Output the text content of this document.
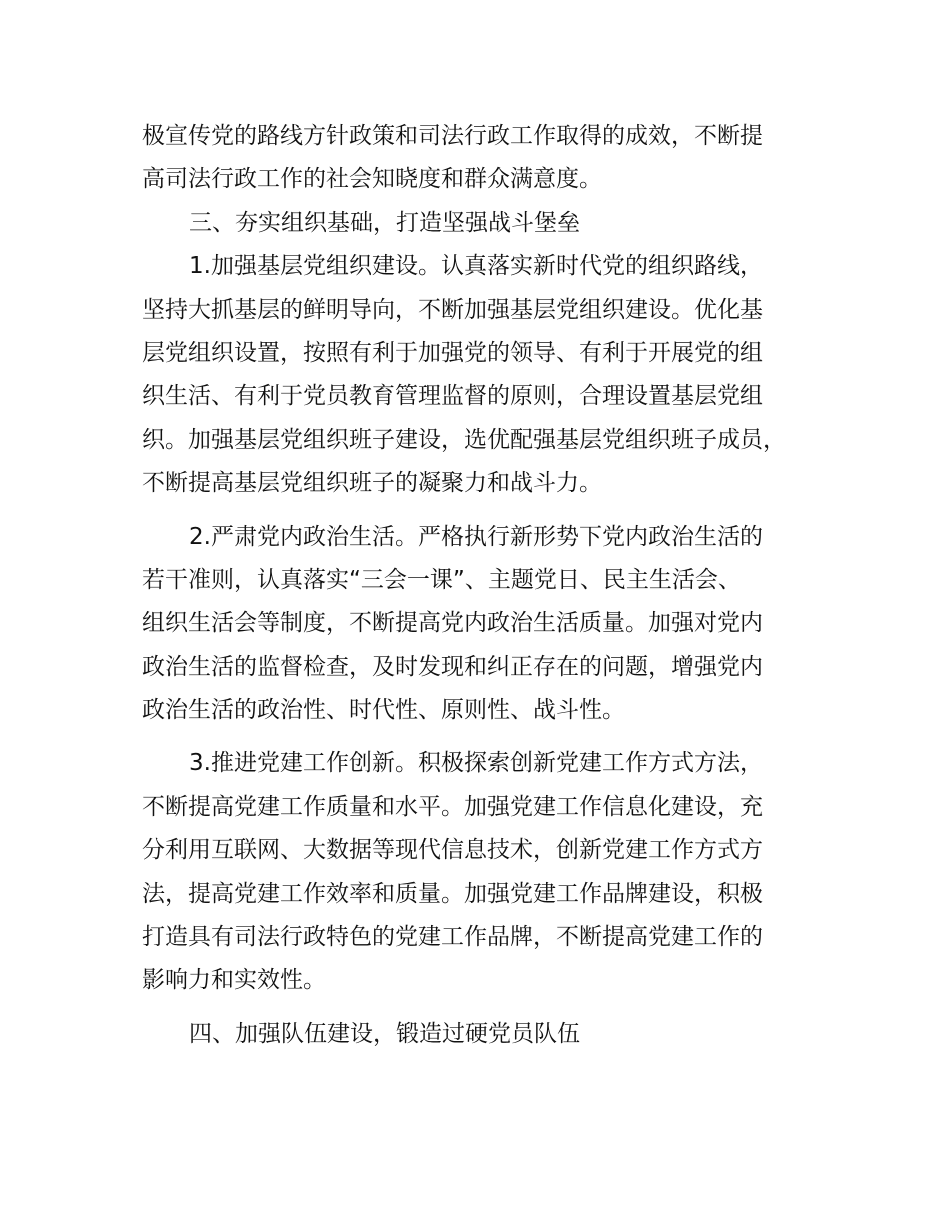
极宣传党的路线方针政策和司法行政工作取得的成效，不断提
高司法行政工作的社会知晓度和群众满意度。
三、夯实组织基础，打造坚强战斗堡垒
1.加强基层党组织建设。认真落实新时代党的组织路线，
坚持大抓基层的鲜明导向，不断加强基层党组织建设。优化基
层党组织设置，按照有利于加强党的领导、有利于开展党的组
织生活、有利于党员教育管理监督的原则，合理设置基层党组
织。加强基层党组织班子建设，选优配强基层党组织班子成员，
不断提高基层党组织班子的凝聚力和战斗力。
2.严肃党内政治生活。严格执行新形势下党内政治生活的
若干准则，认真落实“三会一课”、主题党日、民主生活会、
组织生活会等制度，不断提高党内政治生活质量。加强对党内
政治生活的监督检查，及时发现和纠正存在的问题，增强党内
政治生活的政治性、时代性、原则性、战斗性。
3.推进党建工作创新。积极探索创新党建工作方式方法，
不断提高党建工作质量和水平。加强党建工作信息化建设，充
分利用互联网、大数据等现代信息技术，创新党建工作方式方
法，提高党建工作效率和质量。加强党建工作品牌建设，积极
打造具有司法行政特色的党建工作品牌，不断提高党建工作的
影响力和实效性。
四、加强队伍建设，锻造过硬党员队伍
